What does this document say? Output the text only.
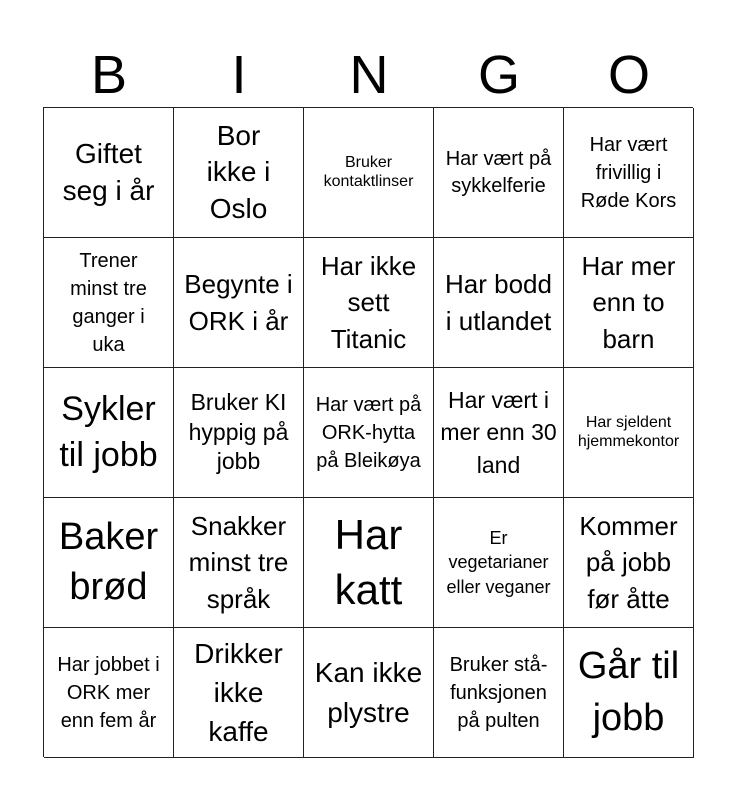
B	I	N	G	O
Giftet seg i år
Bor ikke i Oslo
Bruker kontaktlinser
Har vært på sykkelferie
Har vært frivillig i Røde Kors
Trener minst tre ganger i uka
Begynte i ORK i år
Har ikke sett Titanic
Har bodd i utlandet
Har mer enn to barn
Sykler til jobb
Bruker KI hyppig på jobb
Har vært på ORK-hytta på Bleikøya
Har vært i mer enn 30 land
Har sjeldent hjemmekontor
Baker brød
Snakker minst tre språk
Har katt
Er vegetarianer eller veganer
Kommer på jobb før åtte
Har jobbet i ORK mer enn fem år
Drikker ikke kaffe
Kan ikke plystre
Bruker stå-funksjonen på pulten
Går til jobb
